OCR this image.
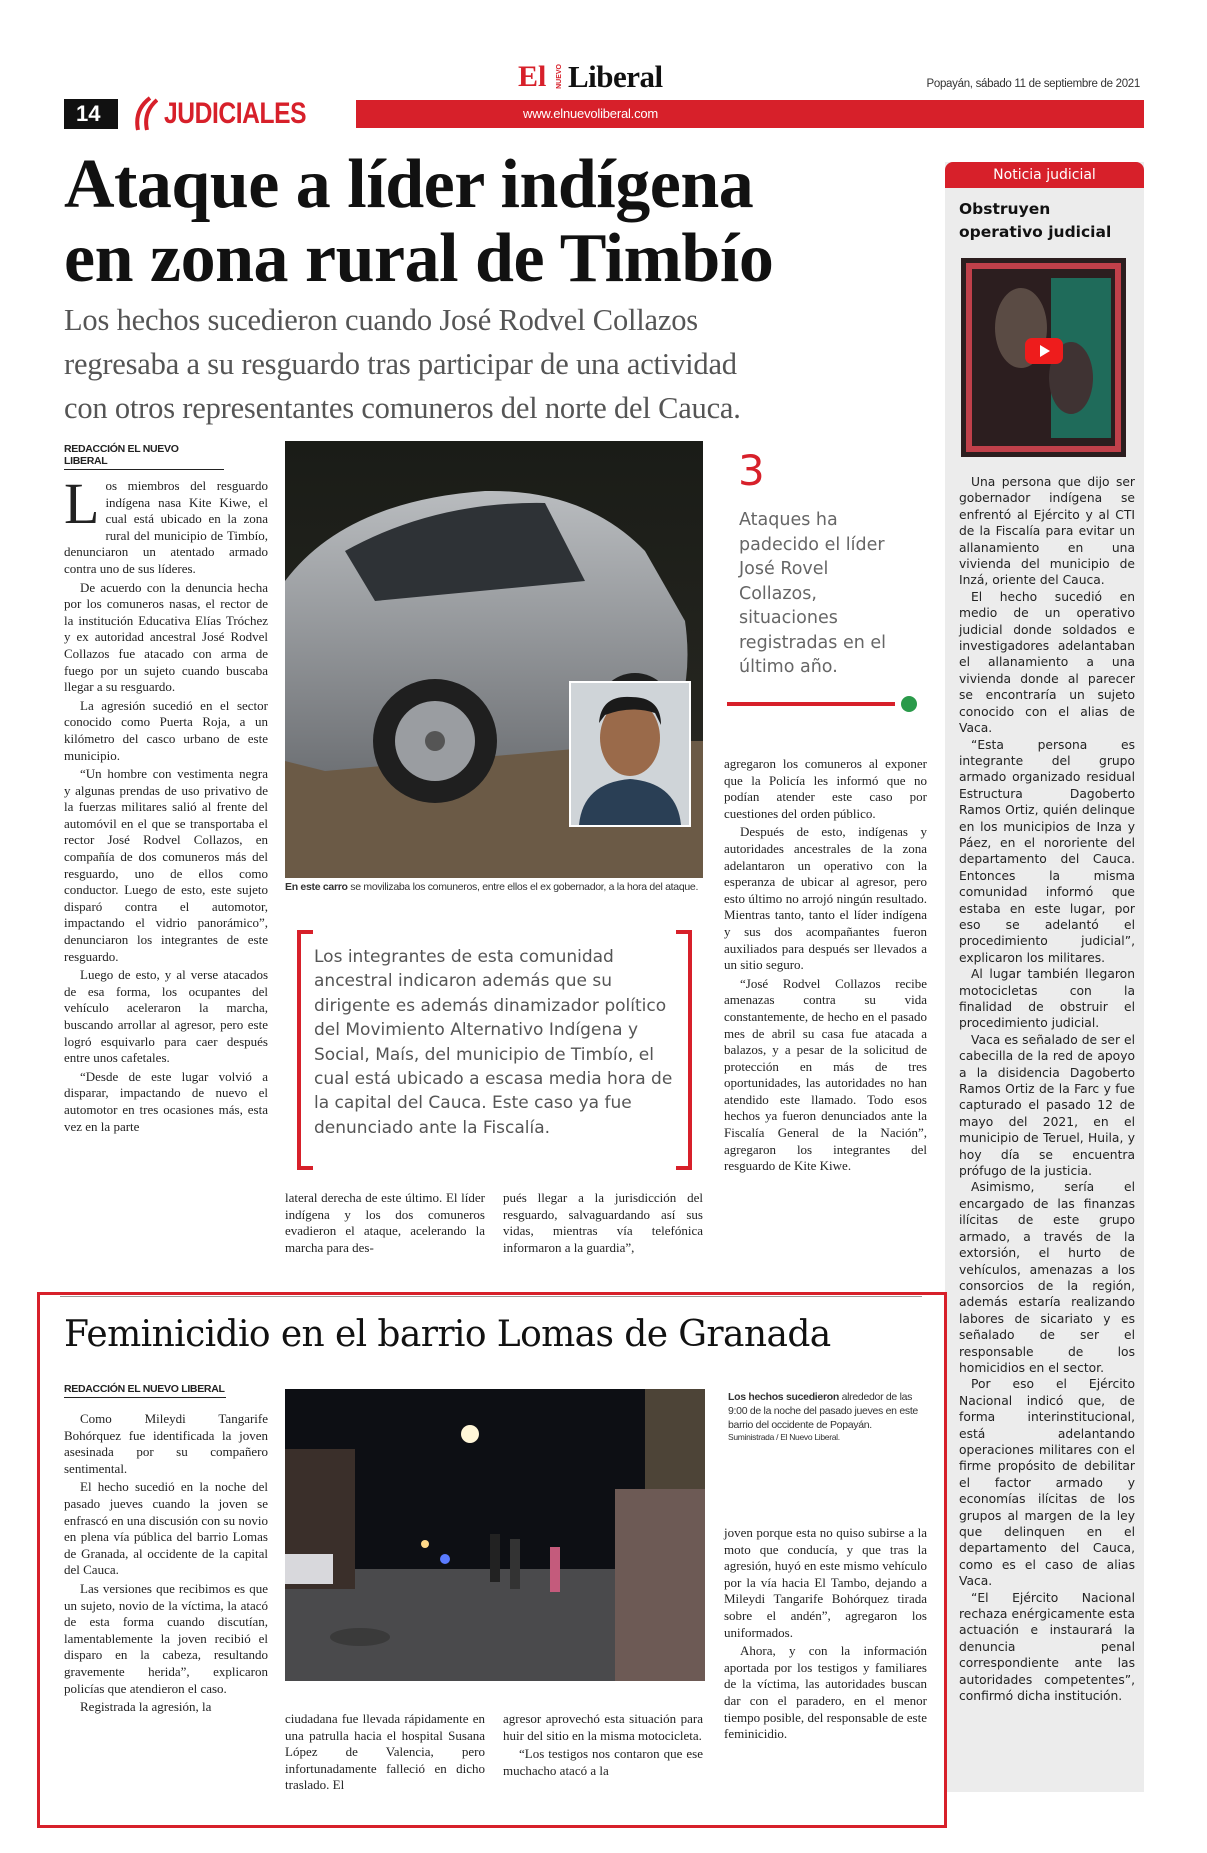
El NUEVO Liberal	Popayán, sábado 11 de septiembre de 2021
14	JUDICIALES	www.elnuevoliberal.com
Ataque a líder indígena
en zona rural de Timbío
Los hechos sucedieron cuando José Rodvel Collazos
regresaba a su resguardo tras participar de una actividad
con otros representantes comuneros del norte del Cauca.
REDACCIÓN EL NUEVO LIBERAL

Los miembros del resguardo indígena nasa Kite Kiwe, el cual está ubicado en la zona rural del municipio de Timbío, denunciaron un atentado armado contra uno de sus líderes.

De acuerdo con la denuncia hecha por los comuneros nasas, el rector de la institución Educativa Elías Tróchez y ex autoridad ancestral José Rodvel Collazos fue atacado con arma de fuego por un sujeto cuando buscaba llegar a su resguardo.

La agresión sucedió en el sector conocido como Puerta Roja, a un kilómetro del casco urbano de este municipio.

“Un hombre con vestimenta negra y algunas prendas de uso privativo de la fuerzas militares salió al frente del automóvil en el que se transportaba el rector José Rodvel Collazos, en compañía de dos comuneros más del resguardo, uno de ellos como conductor. Luego de esto, este sujeto disparó contra el automotor, impactando el vidrio panorámico”, denunciaron los integrantes de este resguardo.

Luego de esto, y al verse atacados de esa forma, los ocupantes del vehículo aceleraron la marcha, buscando arrollar al agresor, pero este logró esquivarlo para caer después entre unos cafetales.

“Desde de este lugar volvió a disparar, impactando de nuevo el automotor en tres ocasiones más, esta vez en la parte

En este carro se movilizaba los comuneros, entre ellos el ex gobernador, a la hora del ataque.
Los integrantes de esta comunidad ancestral indicaron además que su dirigente es además dinamizador político del Movimiento Alternativo Indígena y Social, Maís, del municipio de Timbío, el cual está ubicado a escasa media hora de la capital del Cauca. Este caso ya fue denunciado ante la Fiscalía.

lateral derecha de este último. El líder indígena y los dos comuneros evadieron el ataque, acelerando la marcha para des-

pués llegar a la jurisdicción del resguardo, salvaguardando así sus vidas, mientras vía telefónica informaron a la guardia”,

3
Ataques ha padecido el líder José Rovel Collazos, situaciones registradas en el último año.

agregaron los comuneros al exponer que la Policía les informó que no podían atender este caso por cuestiones del orden público.

Después de esto, indígenas y autoridades ancestrales de la zona adelantaron un operativo con la esperanza de ubicar al agresor, pero esto último no arrojó ningún resultado. Mientras tanto, tanto el líder indígena y sus dos acompañantes fueron auxiliados para después ser llevados a un sitio seguro.

“José Rodvel Collazos recibe amenazas contra su vida constantemente, de hecho en el pasado mes de abril su casa fue atacada a balazos, y a pesar de la solicitud de protección en más de tres oportunidades, las autoridades no han atendido este llamado. Todo esos hechos ya fueron denunciados ante la Fiscalía General de la Nación”, agregaron los integrantes del resguardo de Kite Kiwe.

Noticia judicial
Obstruyen
operativo judicial

Una persona que dijo ser gobernador indígena se enfrentó al Ejército y al CTI de la Fiscalía para evitar un allanamiento en una vivienda del municipio de Inzá, oriente del Cauca.

El hecho sucedió en medio de un operativo judicial donde soldados e investigadores adelantaban el allanamiento a una vivienda donde al parecer se encontraría un sujeto conocido con el alias de Vaca.

“Esta persona es integrante del grupo armado organizado residual Estructura Dagoberto Ramos Ortiz, quién delinque en los municipios de Inza y Páez, en el nororiente del departamento del Cauca. Entonces la misma comunidad informó que estaba en este lugar, por eso se adelantó el procedimiento judicial”, explicaron los militares.

Al lugar también llegaron motocicletas con la finalidad de obstruir el procedimiento judicial.

Vaca es señalado de ser el cabecilla de la red de apoyo a la disidencia Dagoberto Ramos Ortiz de la Farc y fue capturado el pasado 12 de mayo del 2021, en el municipio de Teruel, Huila, y hoy día se encuentra prófugo de la justicia.

Asimismo, sería el encargado de las finanzas ilícitas de este grupo armado, a través de la extorsión, el hurto de vehículos, amenazas a los consorcios de la región, además estaría realizando labores de sicariato y es señalado de ser el responsable de los homicidios en el sector.

Por eso el Ejército Nacional indicó que, de forma interinstitucional, está adelantando operaciones militares con el firme propósito de debilitar el factor armado y economías ilícitas de los grupos al margen de la ley que delinquen en el departamento del Cauca, como es el caso de alias Vaca.

“El Ejército Nacional rechaza enérgicamente esta actuación e instaurará la denuncia penal correspondiente ante las autoridades competentes”, confirmó dicha institución.

Feminicidio en el barrio Lomas de Granada
REDACCIÓN EL NUEVO LIBERAL

Como Mileydi Tangarife Bohórquez fue identificada la joven asesinada por su compañero sentimental.

El hecho sucedió en la noche del pasado jueves cuando la joven se enfrascó en una discusión con su novio en plena vía pública del barrio Lomas de Granada, al occidente de la capital del Cauca.

Las versiones que recibimos es que un sujeto, novio de la víctima, la atacó de esta forma cuando discutían, lamentablemente la joven recibió el disparo en la cabeza, resultando gravemente herida”, explicaron policías que atendieron el caso.

Registrada la agresión, la

Los hechos sucedieron alrededor de las 9:00 de la noche del pasado jueves en este barrio del occidente de Popayán.
Suministrada / El Nuevo Liberal.

ciudadana fue llevada rápidamente en una patrulla hacia el hospital Susana López de Valencia, pero infortunadamente falleció en dicho traslado. El

agresor aprovechó esta situación para huir del sitio en la misma motocicleta.

“Los testigos nos contaron que ese muchacho atacó a la

joven porque esta no quiso subirse a la moto que conducía, y que tras la agresión, huyó en este mismo vehículo por la vía hacia El Tambo, dejando a Mileydi Tangarife Bohórquez tirada sobre el andén”, agregaron los uniformados.

Ahora, y con la información aportada por los testigos y familiares de la víctima, las autoridades buscan dar con el paradero, en el menor tiempo posible, del responsable de este feminicidio.
